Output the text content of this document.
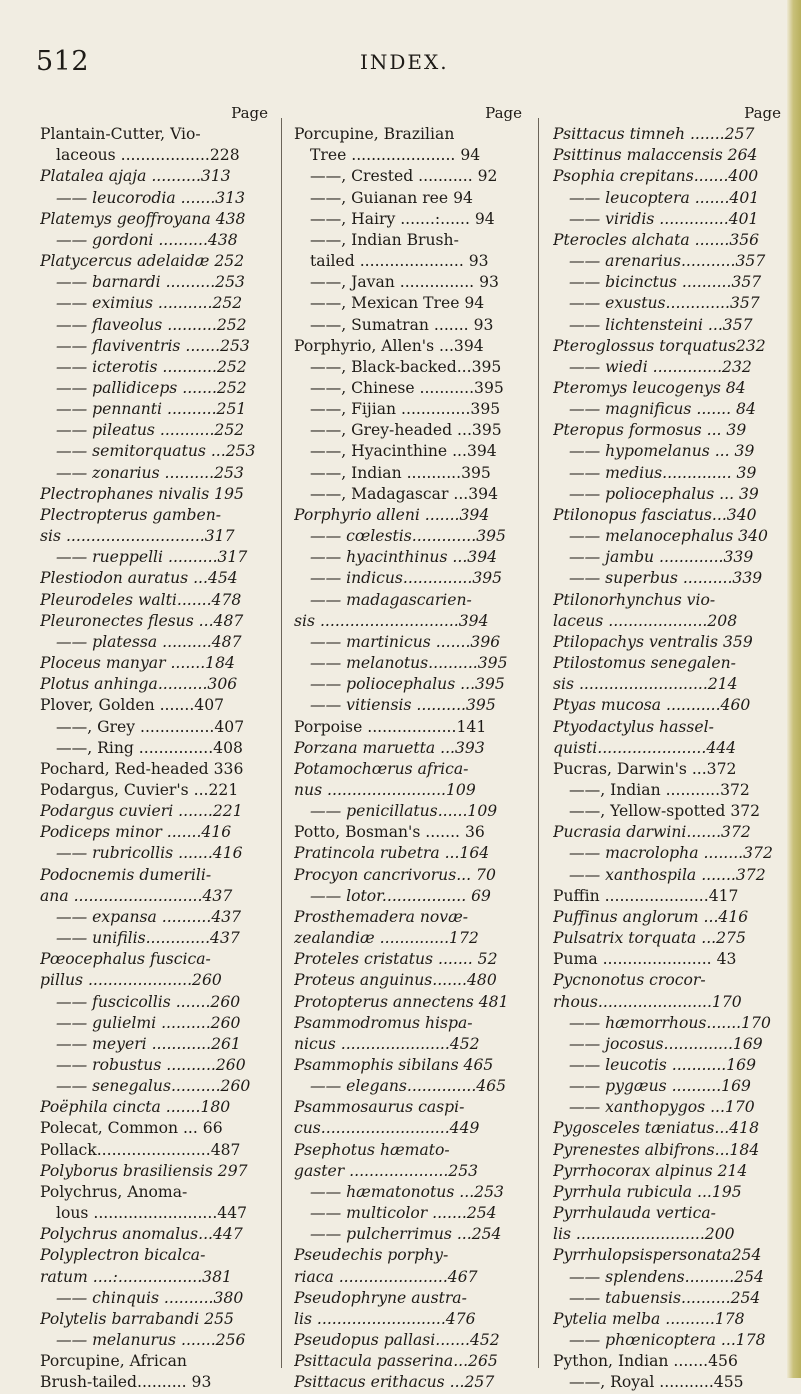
512	INDEX.
Page
Plantain-Cutter, Vio-
laceous ..................228
Platalea ajaja ..........313
—— leucorodia .......313
Platemys geoffroyana 438
—— gordoni ..........438
Platycercus adelaidæ 252
—— barnardi ..........253
—— eximius ...........252
—— flaveolus ..........252
—— flaviventris .......253
—— icterotis ...........252
—— pallidiceps .......252
—— pennanti ..........251
—— pileatus ...........252
—— semitorquatus ...253
—— zonarius ..........253
Plectrophanes nivalis 195
Plectropterus gamben-
sis ............................317
—— rueppelli ..........317
Plestiodon auratus ...454
Pleurodeles walti.......478
Pleuronectes flesus ...487
—— platessa ..........487
Ploceus manyar .......184
Plotus anhinga..........306
Plover, Golden .......407
——, Grey ...............407
——, Ring ...............408
Pochard, Red-headed 336
Podargus, Cuvier's ...221
Podargus cuvieri .......221
Podiceps minor .......416
—— rubricollis .......416
Podocnemis dumerili-
ana ..........................437
—— expansa ..........437
—— unifilis.............437
Pœocephalus fuscica-
pillus .....................260
—— fuscicollis .......260
—— gulielmi ..........260
—— meyeri ............261
—— robustus ..........260
—— senegalus..........260
Poëphila cincta .......180
Polecat, Common ... 66
Pollack.......................487
Polyborus brasiliensis 297
Polychrus, Anoma-
lous .........................447
Polychrus anomalus...447
Polyplectron bicalca-
ratum ....:.................381
—— chinquis ..........380
Polytelis barrabandi 255
—— melanurus .......256
Porcupine, African
Brush-tailed.......... 93
Page
Porcupine, Brazilian
Tree ..................... 94
——, Crested ........... 92
——, Guianan ree 94
——, Hairy .......:...... 94
——, Indian Brush-
tailed ..................... 93
——, Javan ............... 93
——, Mexican Tree 94
——, Sumatran ....... 93
Porphyrio, Allen's ...394
——, Black-backed...395
——, Chinese ...........395
——, Fijian ..............395
——, Grey-headed ...395
——, Hyacinthine ...394
——, Indian ...........395
——, Madagascar ...394
Porphyrio alleni .......394
—— cœlestis.............395
—— hyacinthinus ...394
—— indicus..............395
—— madagascarien-
sis ............................394
—— martinicus .......396
—— melanotus..........395
—— poliocephalus ...395
—— vitiensis ..........395
Porpoise ..................141
Porzana maruetta ...393
Potamochœrus africa-
nus ........................109
—— penicillatus......109
Potto, Bosman's ....... 36
Pratincola rubetra ...164
Procyon cancrivorus... 70
—— lotor................. 69
Prosthemadera novæ-
zealandiæ ..............172
Proteles cristatus ....... 52
Proteus anguinus.......480
Protopterus annectens 481
Psammodromus hispa-
nicus ......................452
Psammophis sibilans 465
—— elegans..............465
Psammosaurus caspi-
cus..........................449
Psephotus hæmato-
gaster ....................253
—— hæmatonotus ...253
—— multicolor .......254
—— pulcherrimus ...254
Pseudechis porphy-
riaca ......................467
Pseudophryne austra-
lis ..........................476
Pseudopus pallasi.......452
Psittacula passerina...265
Psittacus erithacus ...257
Page
Psittacus timneh .......257
Psittinus malaccensis 264
Psophia crepitans.......400
—— leucoptera .......401
—— viridis ..............401
Pterocles alchata .......356
—— arenarius...........357
—— bicinctus ..........357
—— exustus.............357
—— lichtensteini ...357
Pteroglossus torquatus232
—— wiedi ..............232
Pteromys leucogenys 84
—— magnificus ....... 84
Pteropus formosus ... 39
—— hypomelanus ... 39
—— medius.............. 39
—— poliocephalus ... 39
Ptilonopus fasciatus...340
—— melanocephalus 340
—— jambu .............339
—— superbus ..........339
Ptilonorhynchus vio-
laceus ....................208
Ptilopachys ventralis 359
Ptilostomus senegalen-
sis ..........................214
Ptyas mucosa ...........460
Ptyodactylus hassel-
quisti......................444
Pucras, Darwin's ...372
——, Indian ...........372
——, Yellow-spotted 372
Pucrasia darwini.......372
—— macrolopha ........372
—— xanthospila .......372
Puffin .....................417
Puffinus anglorum ...416
Pulsatrix torquata ...275
Puma ...................... 43
Pycnonotus crocor-
rhous.......................170
—— hæmorrhous.......170
—— jocosus..............169
—— leucotis ...........169
—— pygæus ..........169
—— xanthopygos ...170
Pygosceles tæniatus...418
Pyrenestes albifrons...184
Pyrrhocorax alpinus 214
Pyrrhula rubicula ...195
Pyrrhulauda vertica-
lis ..........................200
Pyrrhulopsispersonata254
—— splendens..........254
—— tabuensis..........254
Pytelia melba ..........178
—— phœnicoptera ...178
Python, Indian .......456
——, Royal ...........455
